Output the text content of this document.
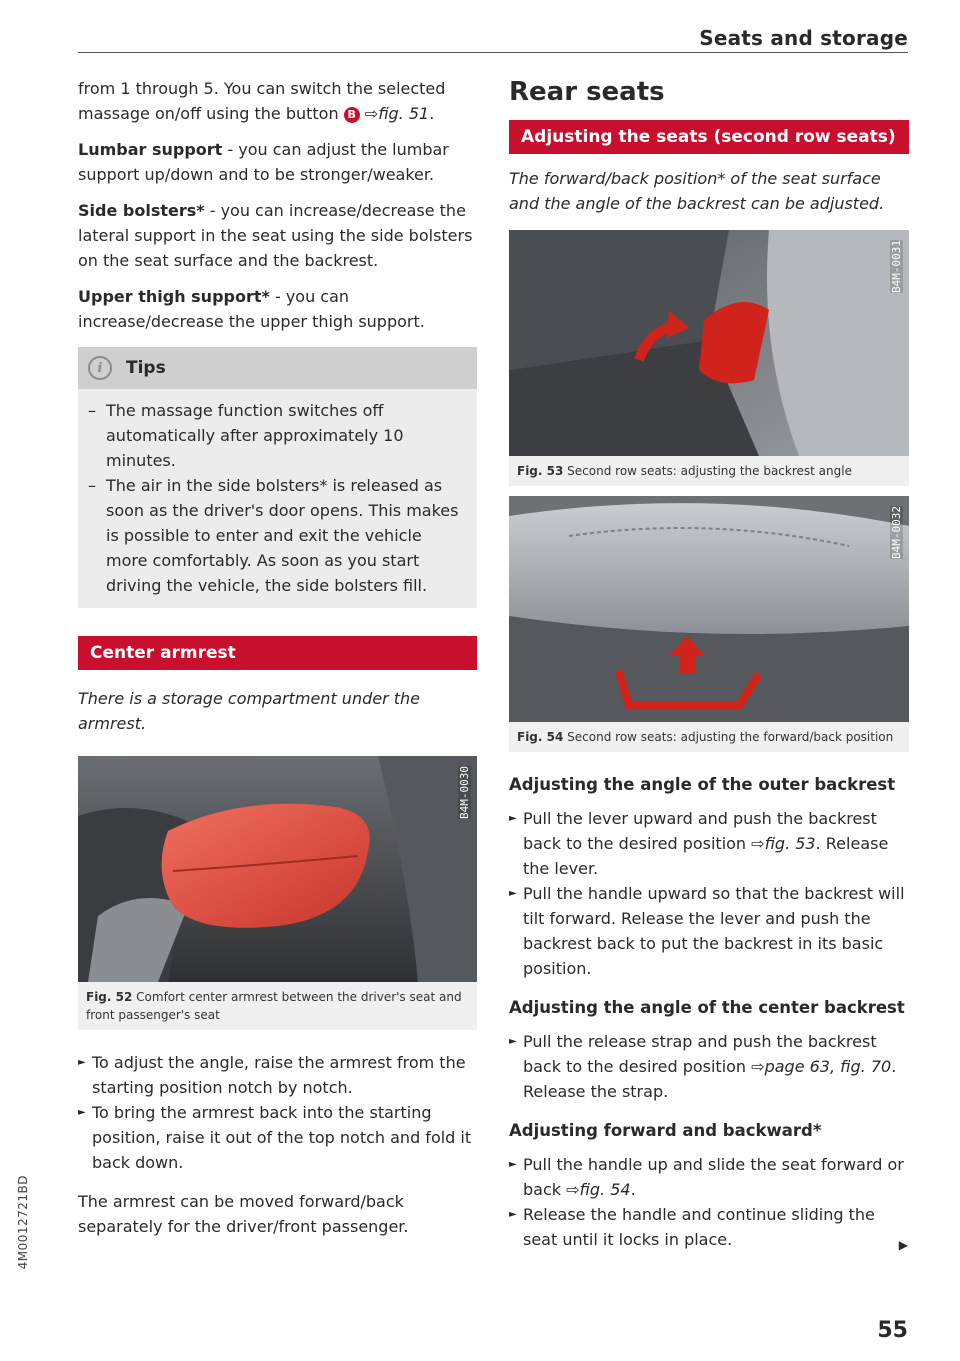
Seats and storage

from 1 through 5. You can switch the selected massage on/off using the button B ⇨fig. 51.

Lumbar support - you can adjust the lumbar support up/down and to be stronger/weaker.

Side bolsters* - you can increase/decrease the lateral support in the seat using the side bolsters on the seat surface and the backrest.

Upper thigh support* - you can increase/decrease the upper thigh support.

i	Tips
– The massage function switches off automatically after approximately 10 minutes.
– The air in the side bolsters* is released as soon as the driver's door opens. This makes is possible to enter and exit the vehicle more comfortably. As soon as you start driving the vehicle, the side bolsters fill.
Center armrest

There is a storage compartment under the armrest.

B4M-0030
Fig. 52 Comfort center armrest between the driver's seat and front passenger's seat
► To adjust the angle, raise the armrest from the starting position notch by notch.
► To bring the armrest back into the starting position, raise it out of the top notch and fold it back down.

The armrest can be moved forward/back separately for the driver/front passenger.

Rear seats
Adjusting the seats (second row seats)

The forward/back position* of the seat surface and the angle of the backrest can be adjusted.

B4M-0031
Fig. 53 Second row seats: adjusting the backrest angle
B4M-0032
Fig. 54 Second row seats: adjusting the forward/back position
Adjusting the angle of the outer backrest
► Pull the lever upward and push the backrest back to the desired position ⇨fig. 53. Release the lever.
► Pull the handle upward so that the backrest will tilt forward. Release the lever and push the backrest back to put the backrest in its basic position.
Adjusting the angle of the center backrest
► Pull the release strap and push the backrest back to the desired position ⇨page 63, fig. 70. Release the strap.
Adjusting forward and backward*
► Pull the handle up and slide the seat forward or back ⇨fig. 54.
► Release the handle and continue sliding the seat until it locks in place.	▶
4M0012721BD
55
